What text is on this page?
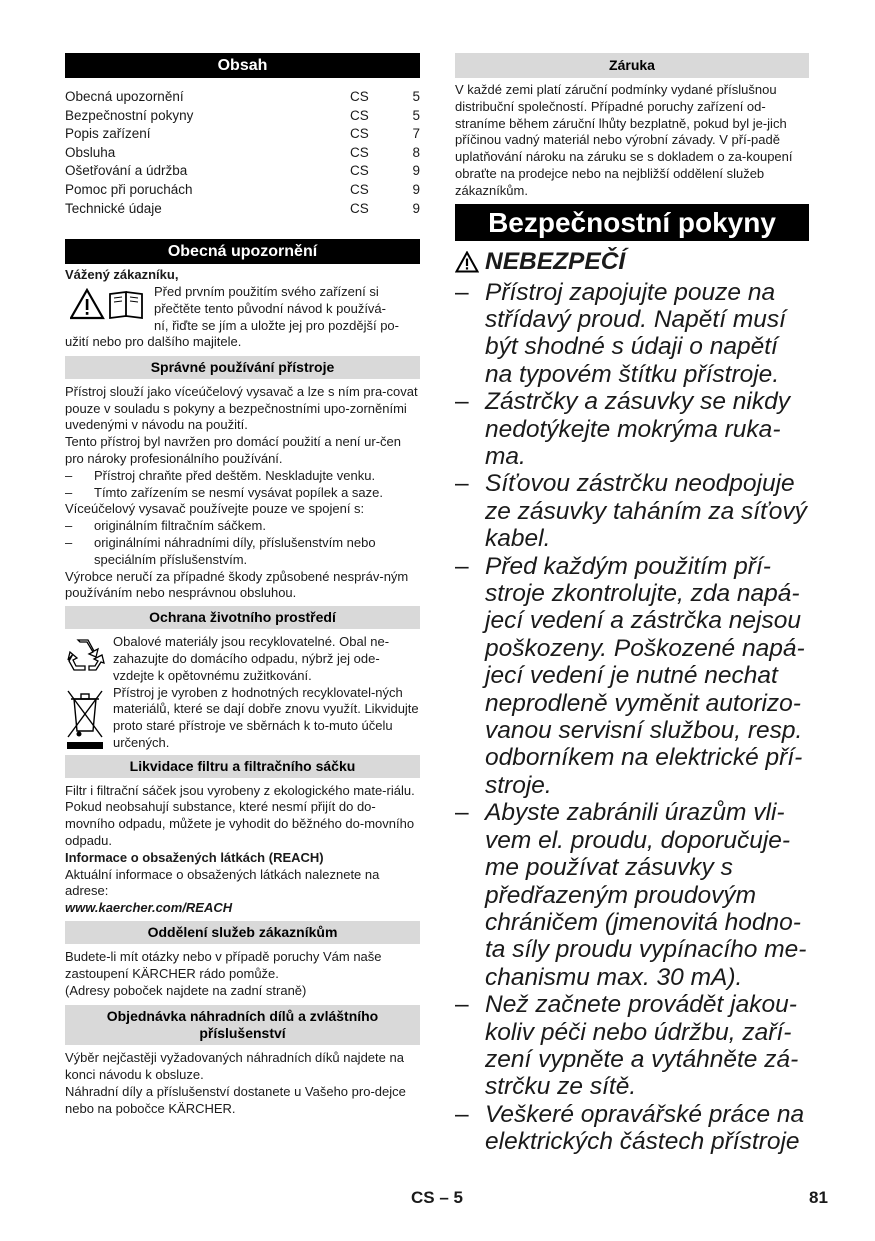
Obsah
Obecná upozornění	CS	5
Bezpečnostní pokyny	CS	5
Popis zařízení	CS	7
Obsluha	CS	8
Ošetřování a údržba	CS	9
Pomoc při poruchách	CS	9
Technické údaje	CS	9
Obecná upozornění

Vážený zákazníku,

Před prvním použitím svého zařízení si

přečtěte tento původní návod k používá-

ní, řiďte se jím a uložte jej pro pozdější po-

užití nebo pro dalšího majitele.

Správné používání přístroje

Přístroj slouží jako víceúčelový vysavač a lze s ním pra-covat pouze v souladu s pokyny a bezpečnostními upo-zorněními uvedenými v návodu na použití.

Tento přístroj byl navržen pro domácí použití a není ur-čen pro nároky profesionálního používání.

– Přístroj chraňte před deštěm. Neskladujte venku.

– Tímto zařízením se nesmí vysávat popílek a saze.

Víceúčelový vysavač používejte pouze ve spojení s:

– originálním filtračním sáčkem.

– originálními náhradními díly, příslušenstvím nebo speciálním příslušenstvím.

Výrobce neručí za případné škody způsobené nespráv-ným používáním nebo nesprávnou obsluhou.

Ochrana životního prostředí

Obalové materiály jsou recyklovatelné. Obal ne-zahazujte do domácího odpadu, nýbrž jej ode-vzdejte k opětovnému zužitkování.

Přístroj je vyroben z hodnotných recyklovatel-ných materiálů, které se dají dobře znovu využít. Likvidujte proto staré přístroje ve sběrnách k to-muto účelu určených.

Likvidace filtru a filtračního sáčku

Filtr i filtrační sáček jsou vyrobeny z ekologického mate-riálu.

Pokud neobsahují substance, které nesmí přijít do do-movního odpadu, můžete je vyhodit do běžného do-movního odpadu.

Informace o obsažených látkách (REACH)

Aktuální informace o obsažených látkách naleznete na adrese:

www.kaercher.com/REACH

Oddělení služeb zákazníkům

Budete-li mít otázky nebo v případě poruchy Vám naše zastoupení KÄRCHER rádo pomůže.

(Adresy poboček najdete na zadní straně)

Objednávka náhradních dílů a zvláštního příslušenství

Výběr nejčastěji vyžadovaných náhradních díků najdete na konci návodu k obsluze.

Náhradní díly a příslušenství dostanete u Vašeho pro-dejce nebo na pobočce KÄRCHER.

Záruka

V každé zemi platí záruční podmínky vydané příslušnou distribuční společností. Případné poruchy zařízení od-straníme během záruční lhůty bezplatně, pokud byl je-jich příčinou vadný materiál nebo výrobní závady. V pří-padě uplatňování nároku na záruku se s dokladem o za-koupení obraťte na prodejce nebo na nejbližší oddělení služeb zákazníkům.

Bezpečnostní pokyny
NEBEZPEČÍ

– Přístroj zapojujte pouze na střídavý proud. Napětí musí být shodné s údaji o napětí na typovém štítku přístroje.

– Zástrčky a zásuvky se nikdy nedotýkejte mokrýma ruka-ma.

– Síťovou zástrčku neodpojuje ze zásuvky taháním za síťový kabel.

– Před každým použitím pří-stroje zkontrolujte, zda napá-jecí vedení a zástrčka nejsou poškozeny. Poškozené napá-jecí vedení je nutné nechat neprodleně vyměnit autorizo-vanou servisní službou, resp. odborníkem na elektrické pří-stroje.

– Abyste zabránili úrazům vli-vem el. proudu, doporučuje-me používat zásuvky s předřazeným proudovým chráničem (jmenovitá hodno-ta síly proudu vypínacího me-chanismu max. 30 mA).

– Než začnete provádět jakou-koliv péči nebo údržbu, zaří-zení vypněte a vytáhněte zá-strčku ze sítě.

– Veškeré opravářské práce na elektrických částech přístroje

CS – 5	81
